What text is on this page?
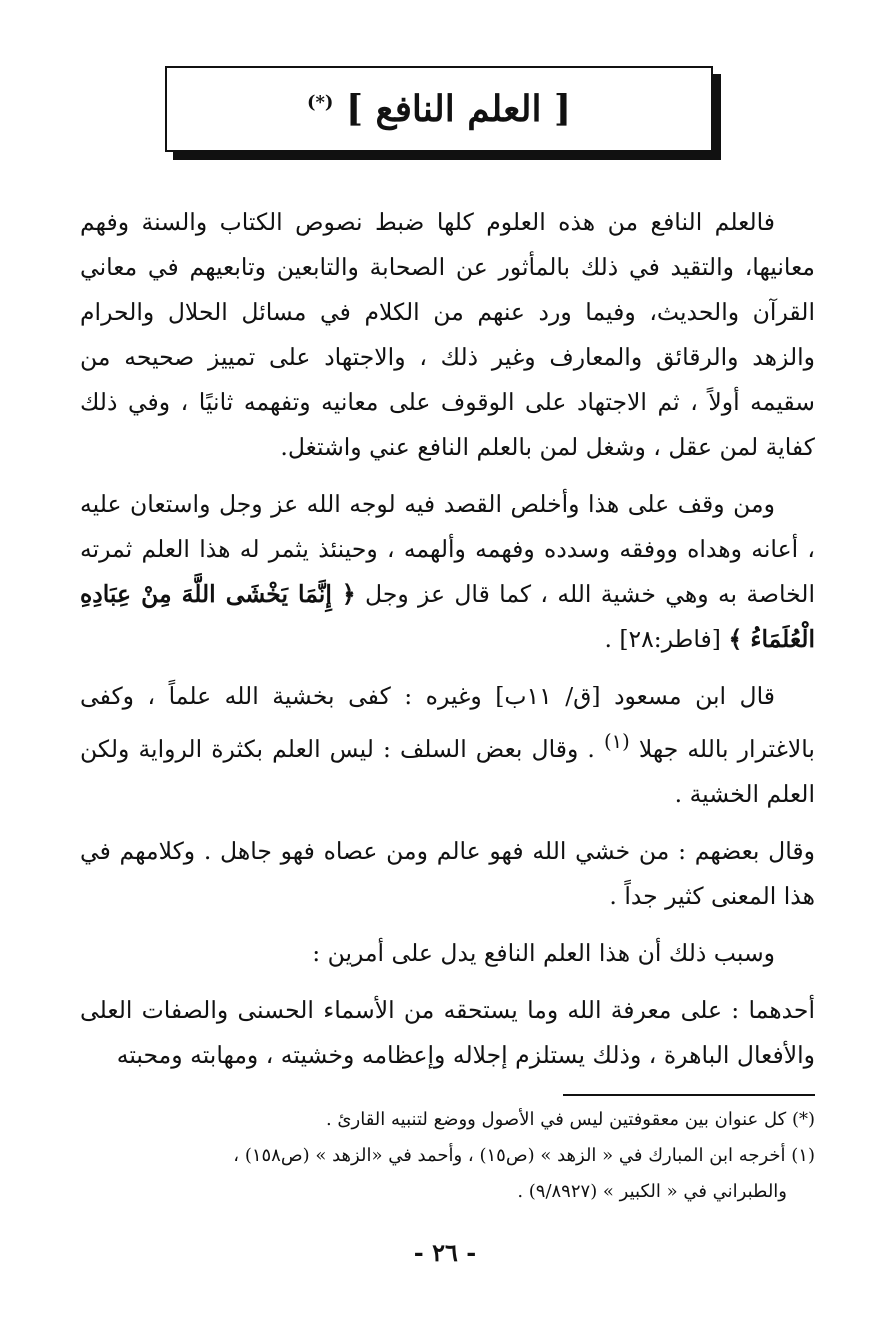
[ العلم النافع ] (*)

فالعلم النافع من هذه العلوم كلها ضبط نصوص الكتاب والسنة وفهم معانيها، والتقيد في ذلك بالمأثور عن الصحابة والتابعين وتابعيهم في معاني القرآن والحديث، وفيما ورد عنهم من الكلام في مسائل الحلال والحرام والزهد والرقائق والمعارف وغير ذلك ، والاجتهاد على تمييز صحيحه من سقيمه أولاً ، ثم الاجتهاد على الوقوف على معانيه وتفهمه ثانيًا ، وفي ذلك كفاية لمن عقل ، وشغل لمن بالعلم النافع عني واشتغل.

ومن وقف على هذا وأخلص القصد فيه لوجه الله عز وجل واستعان عليه ، أعانه وهداه ووفقه وسدده وفهمه وألهمه ، وحينئذ يثمر له هذا العلم ثمرته الخاصة به وهي خشية الله ، كما قال عز وجل ﴿ إِنَّمَا يَخْشَى اللَّهَ مِنْ عِبَادِهِ الْعُلَمَاءُ ﴾ [فاطر:٢٨] .

قال ابن مسعود [ق/ ١١ب] وغيره : كفى بخشية الله علماً ، وكفى بالاغترار بالله جهلا $^{(١)}$ . وقال بعض السلف : ليس العلم بكثرة الرواية ولكن العلم الخشية .

وقال بعضهم : من خشي الله فهو عالم ومن عصاه فهو جاهل . وكلامهم في هذا المعنى كثير جداً .

وسبب ذلك أن هذا العلم النافع يدل على أمرين :

أحدهما : على معرفة الله وما يستحقه من الأسماء الحسنى والصفات العلى والأفعال الباهرة ، وذلك يستلزم إجلاله وإعظامه وخشيته ، ومهابته ومحبته

(*) كل عنوان بين معقوفتين ليس في الأصول ووضع لتنبيه القارئ .

(١) أخرجه ابن المبارك في « الزهد » (ص١٥) ، وأحمد في «الزهد » (ص١٥٨) ،

والطبراني في « الكبير » (٩/٨٩٢٧) .

- ٢٦ -
